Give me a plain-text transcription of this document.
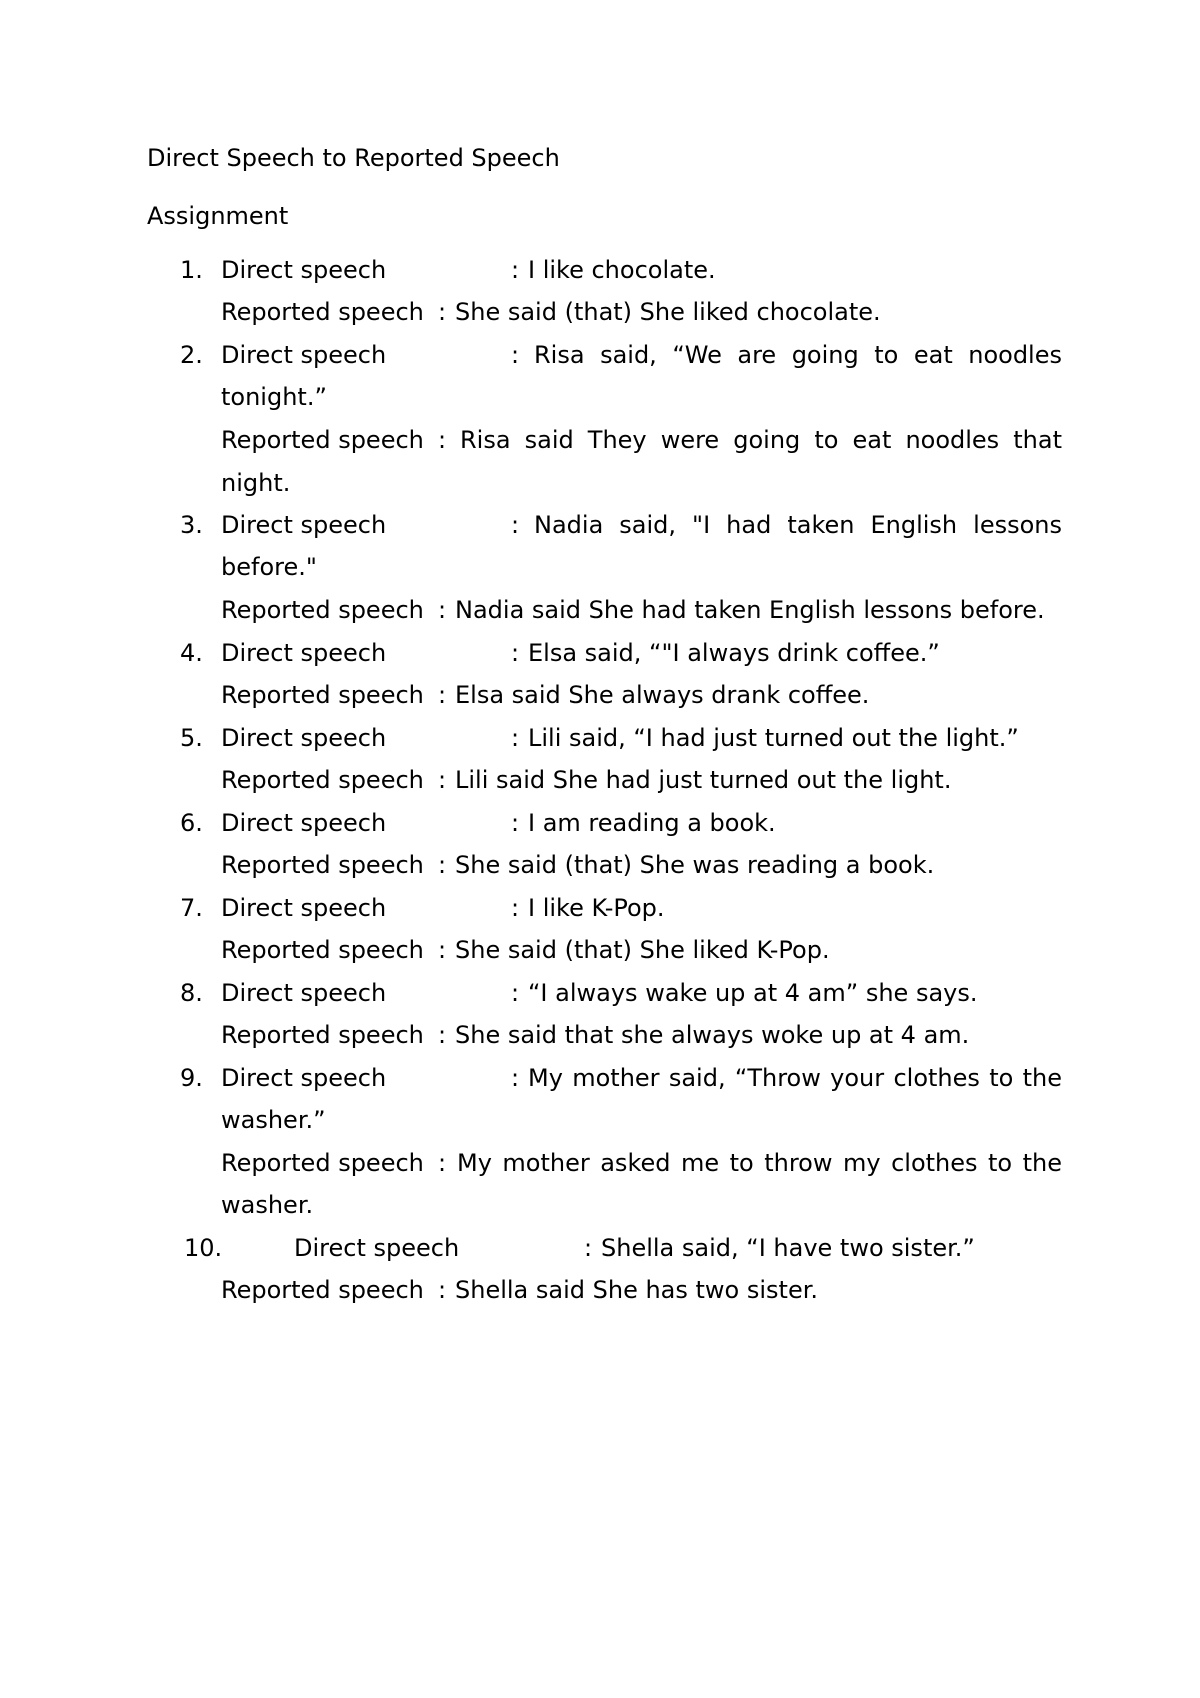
Direct Speech to Reported Speech
Assignment
1. Direct speech	: I like chocolate.
Reported speech : She said (that) She liked chocolate.
2. Direct speech	: Risa said, “We are going to eat noodles
tonight.”
Reported speech : Risa said They were going to eat noodles that
night.
3. Direct speech	: Nadia said, "I had taken English lessons
before."
Reported speech : Nadia said She had taken English lessons before.
4. Direct speech	: Elsa said, “"I always drink coffee.”
Reported speech : Elsa said She always drank coffee.
5. Direct speech	: Lili said, “I had just turned out the light.”
Reported speech : Lili said She had just turned out the light.
6. Direct speech	: I am reading a book.
Reported speech : She said (that) She was reading a book.
7. Direct speech	: I like K-Pop.
Reported speech : She said (that) She liked K-Pop.
8. Direct speech	: “I always wake up at 4 am” she says.
Reported speech : She said that she always woke up at 4 am.
9. Direct speech	: My mother said, “Throw your clothes to the
washer.”
Reported speech : My mother asked me to throw my clothes to the
washer.
10.	Direct speech	: Shella said, “I have two sister.”
Reported speech : Shella said She has two sister.
